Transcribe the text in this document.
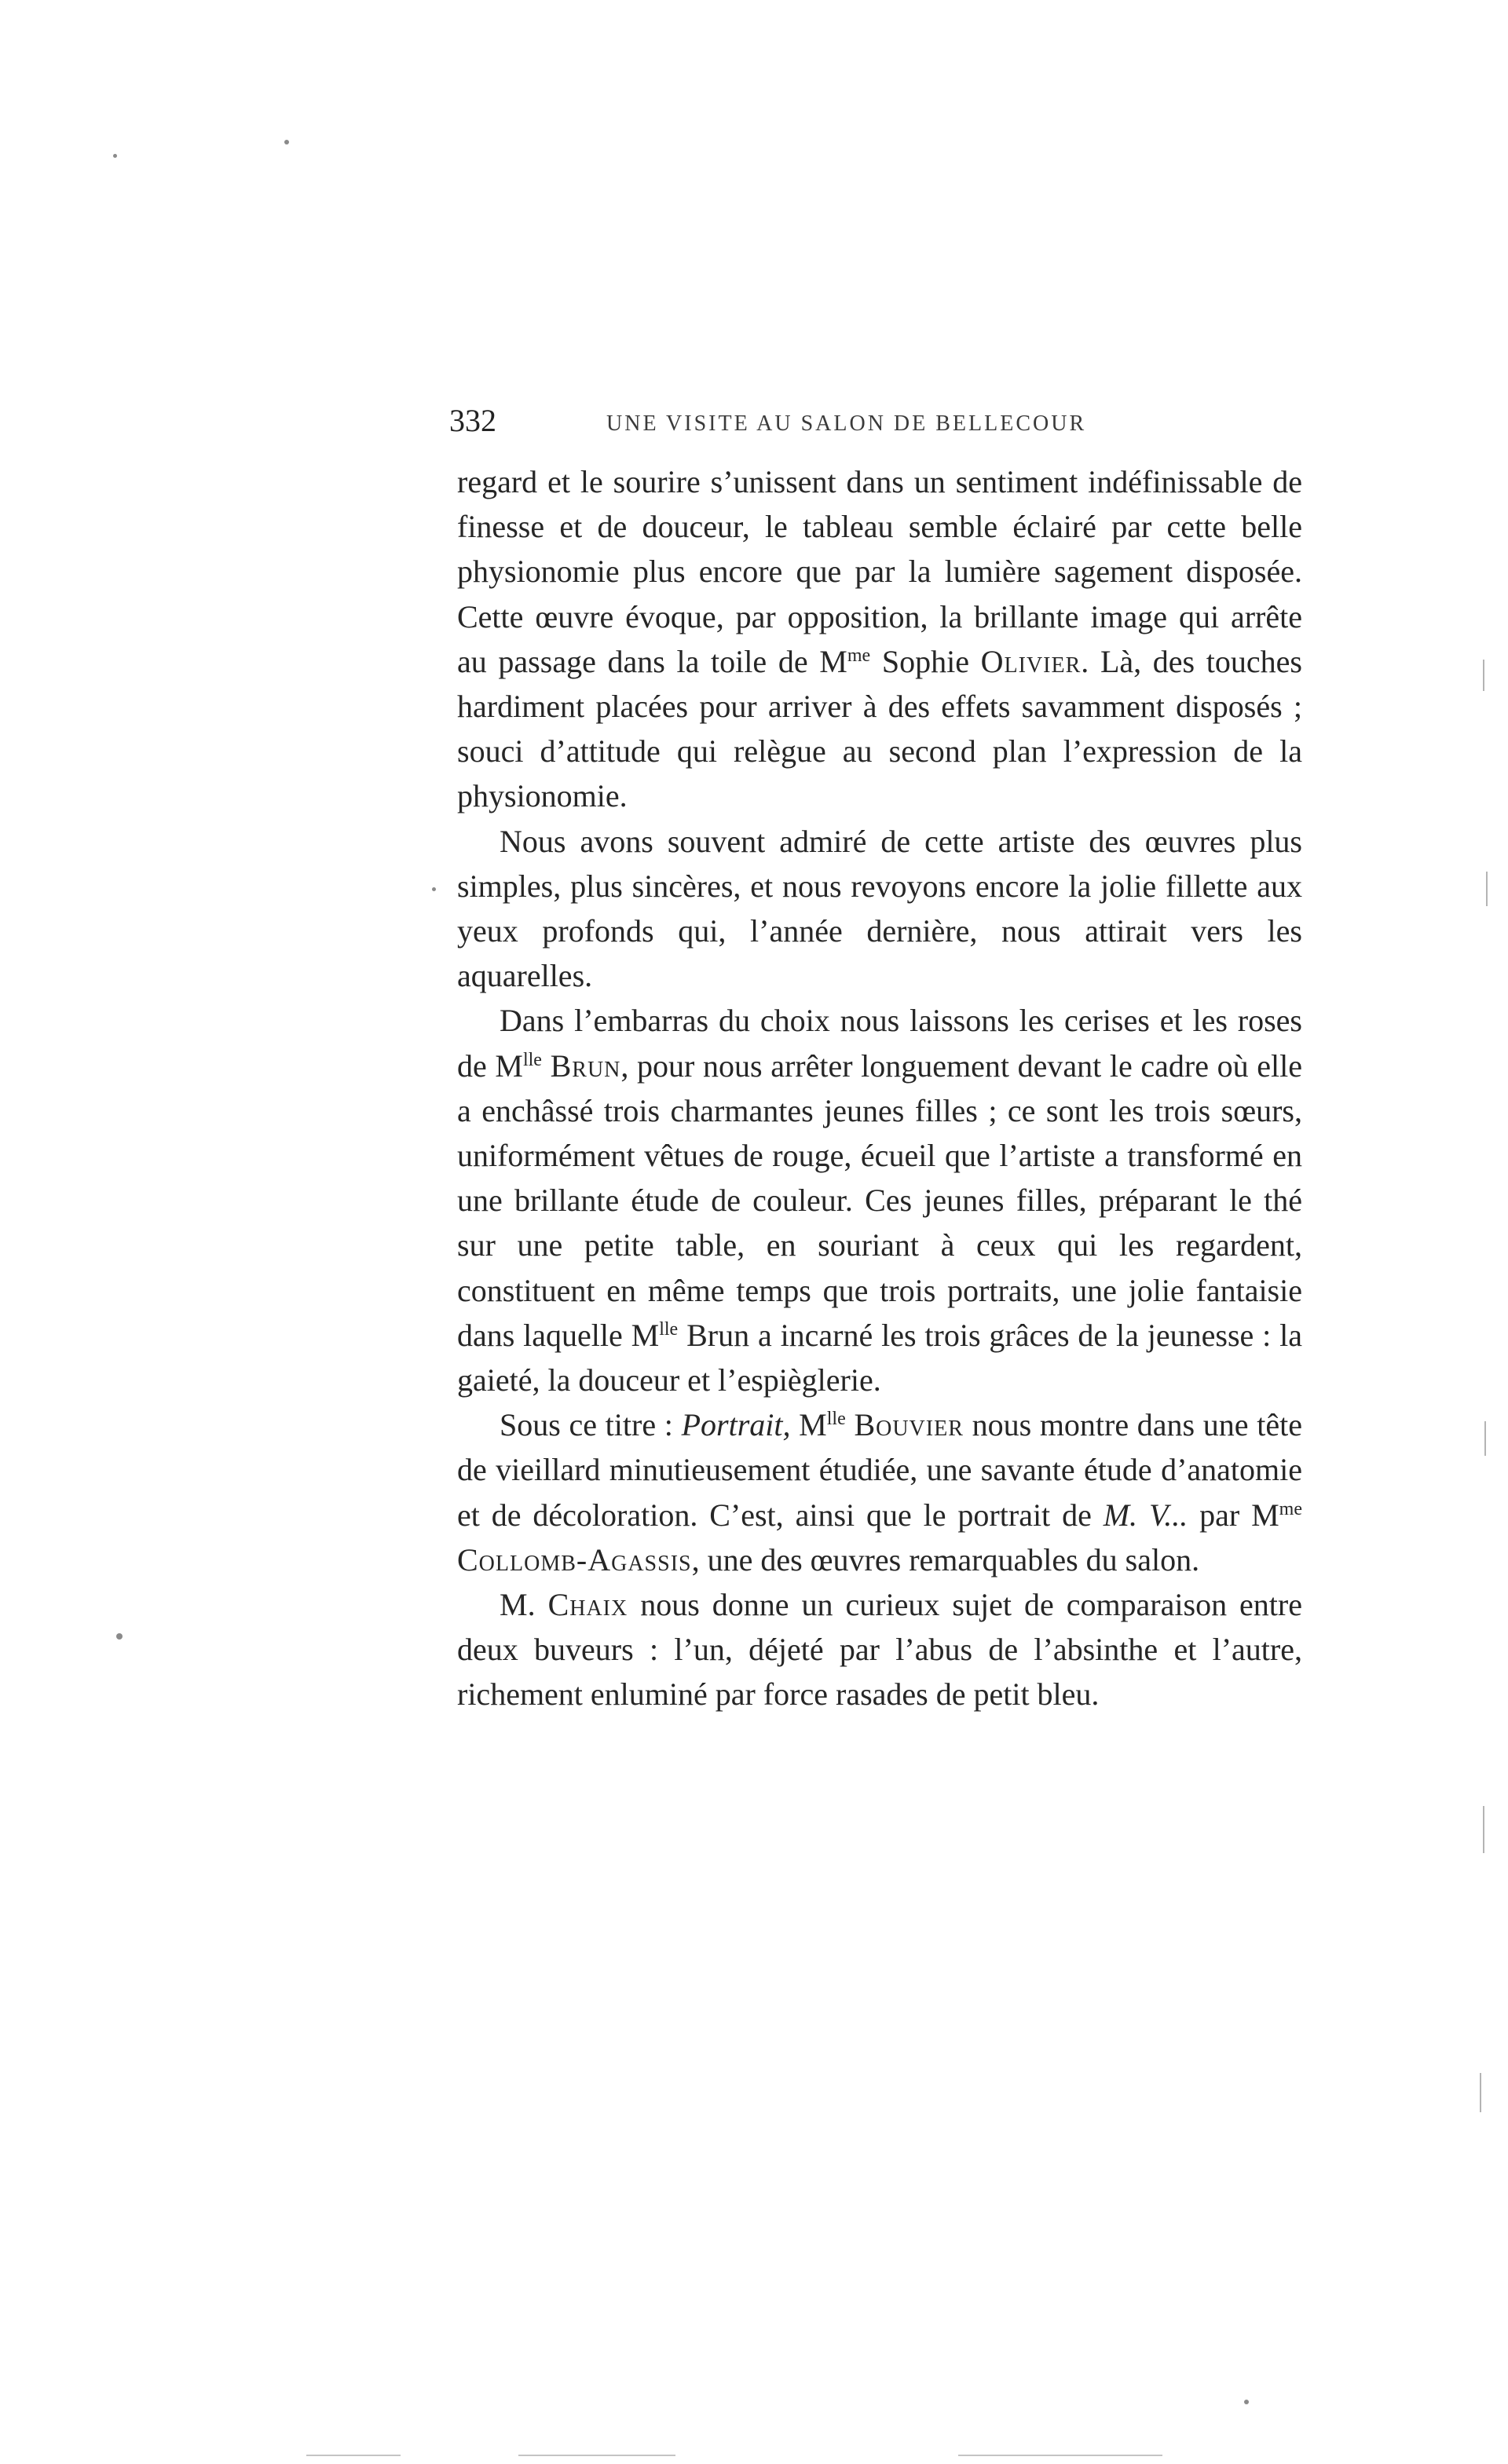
332	UNE VISITE AU SALON DE BELLECOUR

regard et le sourire s’unissent dans un sentiment indéfinissable de finesse et de douceur, le tableau semble éclairé par cette belle physionomie plus encore que par la lumière sagement disposée. Cette œuvre évoque, par opposition, la brillante image qui arrête au passage dans la toile de $M^{me}$ Sophie Olivier. Là, des touches hardiment placées pour arriver à des effets savamment disposés ; souci d’attitude qui relègue au second plan l’expression de la physionomie.

Nous avons souvent admiré de cette artiste des œuvres plus simples, plus sincères, et nous revoyons encore la jolie fillette aux yeux profonds qui, l’année dernière, nous attirait vers les aquarelles.

Dans l’embarras du choix nous laissons les cerises et les roses de $M^{lle}$ Brun, pour nous arrêter longuement devant le cadre où elle a enchâssé trois charmantes jeunes filles ; ce sont les trois sœurs, uniformément vêtues de rouge, écueil que l’artiste a transformé en une brillante étude de couleur. Ces jeunes filles, préparant le thé sur une petite table, en souriant à ceux qui les regardent, constituent en même temps que trois portraits, une jolie fantaisie dans laquelle $M^{lle}$ Brun a incarné les trois grâces de la jeunesse : la gaieté, la douceur et l’espièglerie.

Sous ce titre : Portrait, $M^{lle}$ Bouvier nous montre dans une tête de vieillard minutieusement étudiée, une savante étude d’anatomie et de décoloration. C’est, ainsi que le portrait de M. V... par $M^{me}$ Collomb-Agassis, une des œuvres remarquables du salon.

M. Chaix nous donne un curieux sujet de comparaison entre deux buveurs : l’un, déjeté par l’abus de l’absinthe et l’autre, richement enluminé par force rasades de petit bleu.
